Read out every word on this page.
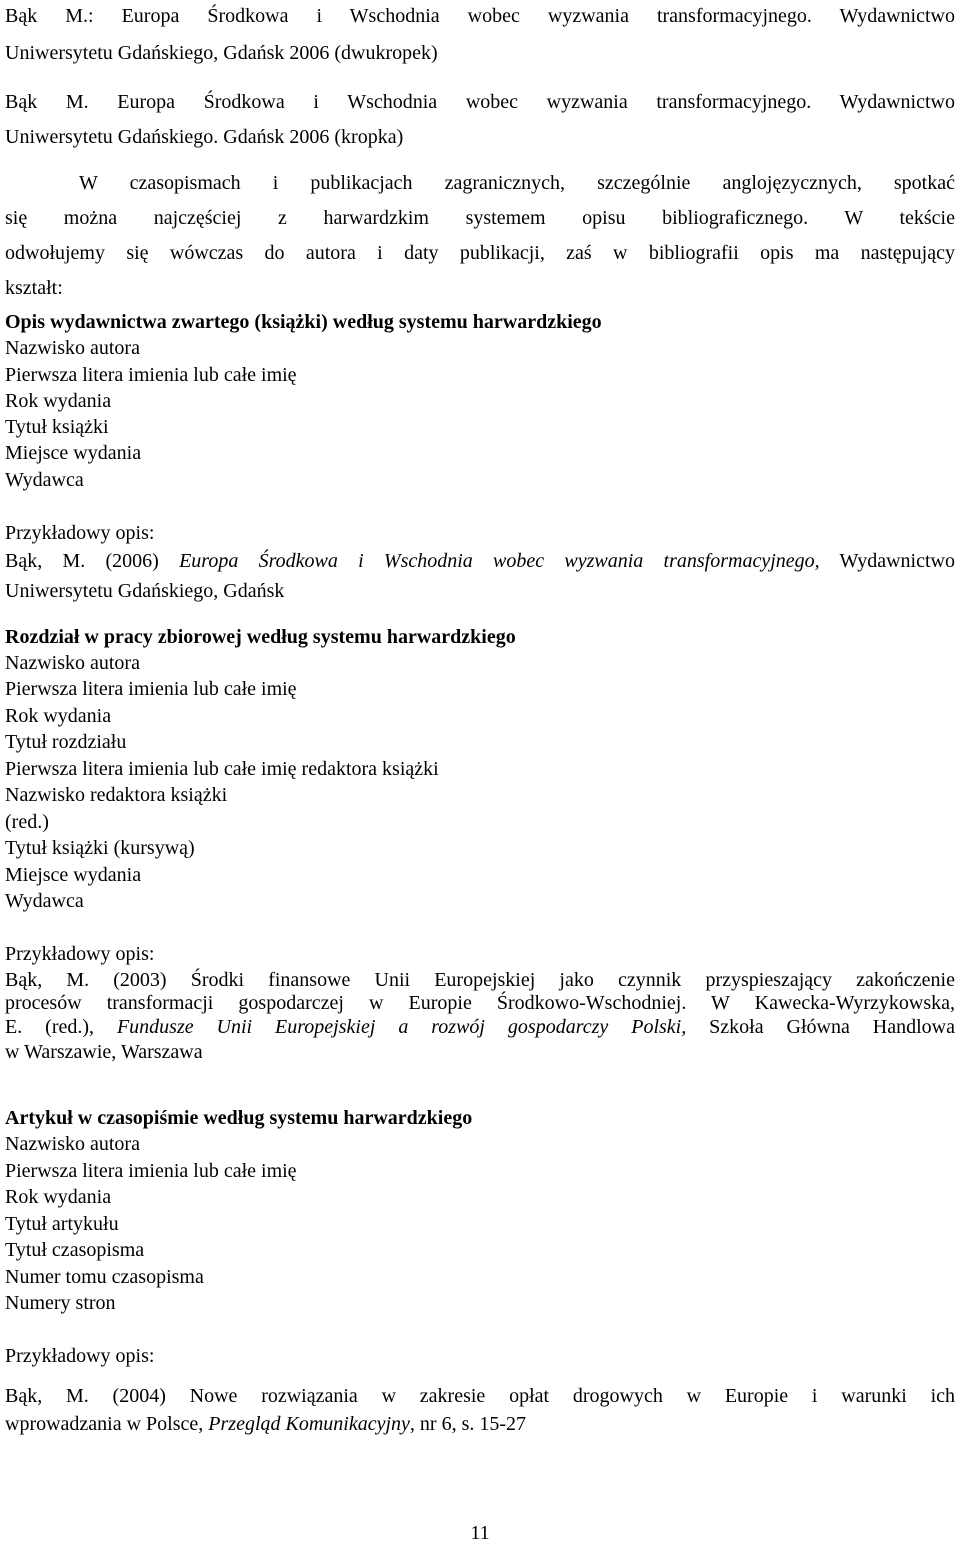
Bąk M.: Europa Środkowa i Wschodnia wobec wyzwania transformacyjnego. Wydawnictwo
Uniwersytetu Gdańskiego, Gdańsk 2006 (dwukropek)
Bąk M. Europa Środkowa i Wschodnia wobec wyzwania transformacyjnego. Wydawnictwo
Uniwersytetu Gdańskiego. Gdańsk 2006 (kropka)
W czasopismach i publikacjach zagranicznych, szczególnie anglojęzycznych, spotkać
się można najczęściej z harwardzkim systemem opisu bibliograficznego. W tekście
odwołujemy się wówczas do autora i daty publikacji, zaś w bibliografii opis ma następujący
kształt:
Opis wydawnictwa zwartego (książki) według systemu harwardzkiego
Nazwisko autora
Pierwsza litera imienia lub całe imię
Rok wydania
Tytuł książki
Miejsce wydania
Wydawca
Przykładowy opis:
Bąk, M. (2006) Europa Środkowa i Wschodnia wobec wyzwania transformacyjnego, Wydawnictwo
Uniwersytetu Gdańskiego, Gdańsk
Rozdział w pracy zbiorowej według systemu harwardzkiego
Nazwisko autora
Pierwsza litera imienia lub całe imię
Rok wydania
Tytuł rozdziału
Pierwsza litera imienia lub całe imię redaktora książki
Nazwisko redaktora książki
(red.)
Tytuł książki (kursywą)
Miejsce wydania
Wydawca
Przykładowy opis:
Bąk, M. (2003) Środki finansowe Unii Europejskiej jako czynnik przyspieszający zakończenie
procesów transformacji gospodarczej w Europie Środkowo-Wschodniej. W Kawecka-Wyrzykowska,
E. (red.), Fundusze Unii Europejskiej a rozwój gospodarczy Polski, Szkoła Główna Handlowa
w Warszawie, Warszawa
Artykuł w czasopiśmie według systemu harwardzkiego
Nazwisko autora
Pierwsza litera imienia lub całe imię
Rok wydania
Tytuł artykułu
Tytuł czasopisma
Numer tomu czasopisma
Numery stron
Przykładowy opis:
Bąk, M. (2004) Nowe rozwiązania w zakresie opłat drogowych w Europie i warunki ich
wprowadzania w Polsce, Przegląd Komunikacyjny, nr 6, s. 15-27
11
